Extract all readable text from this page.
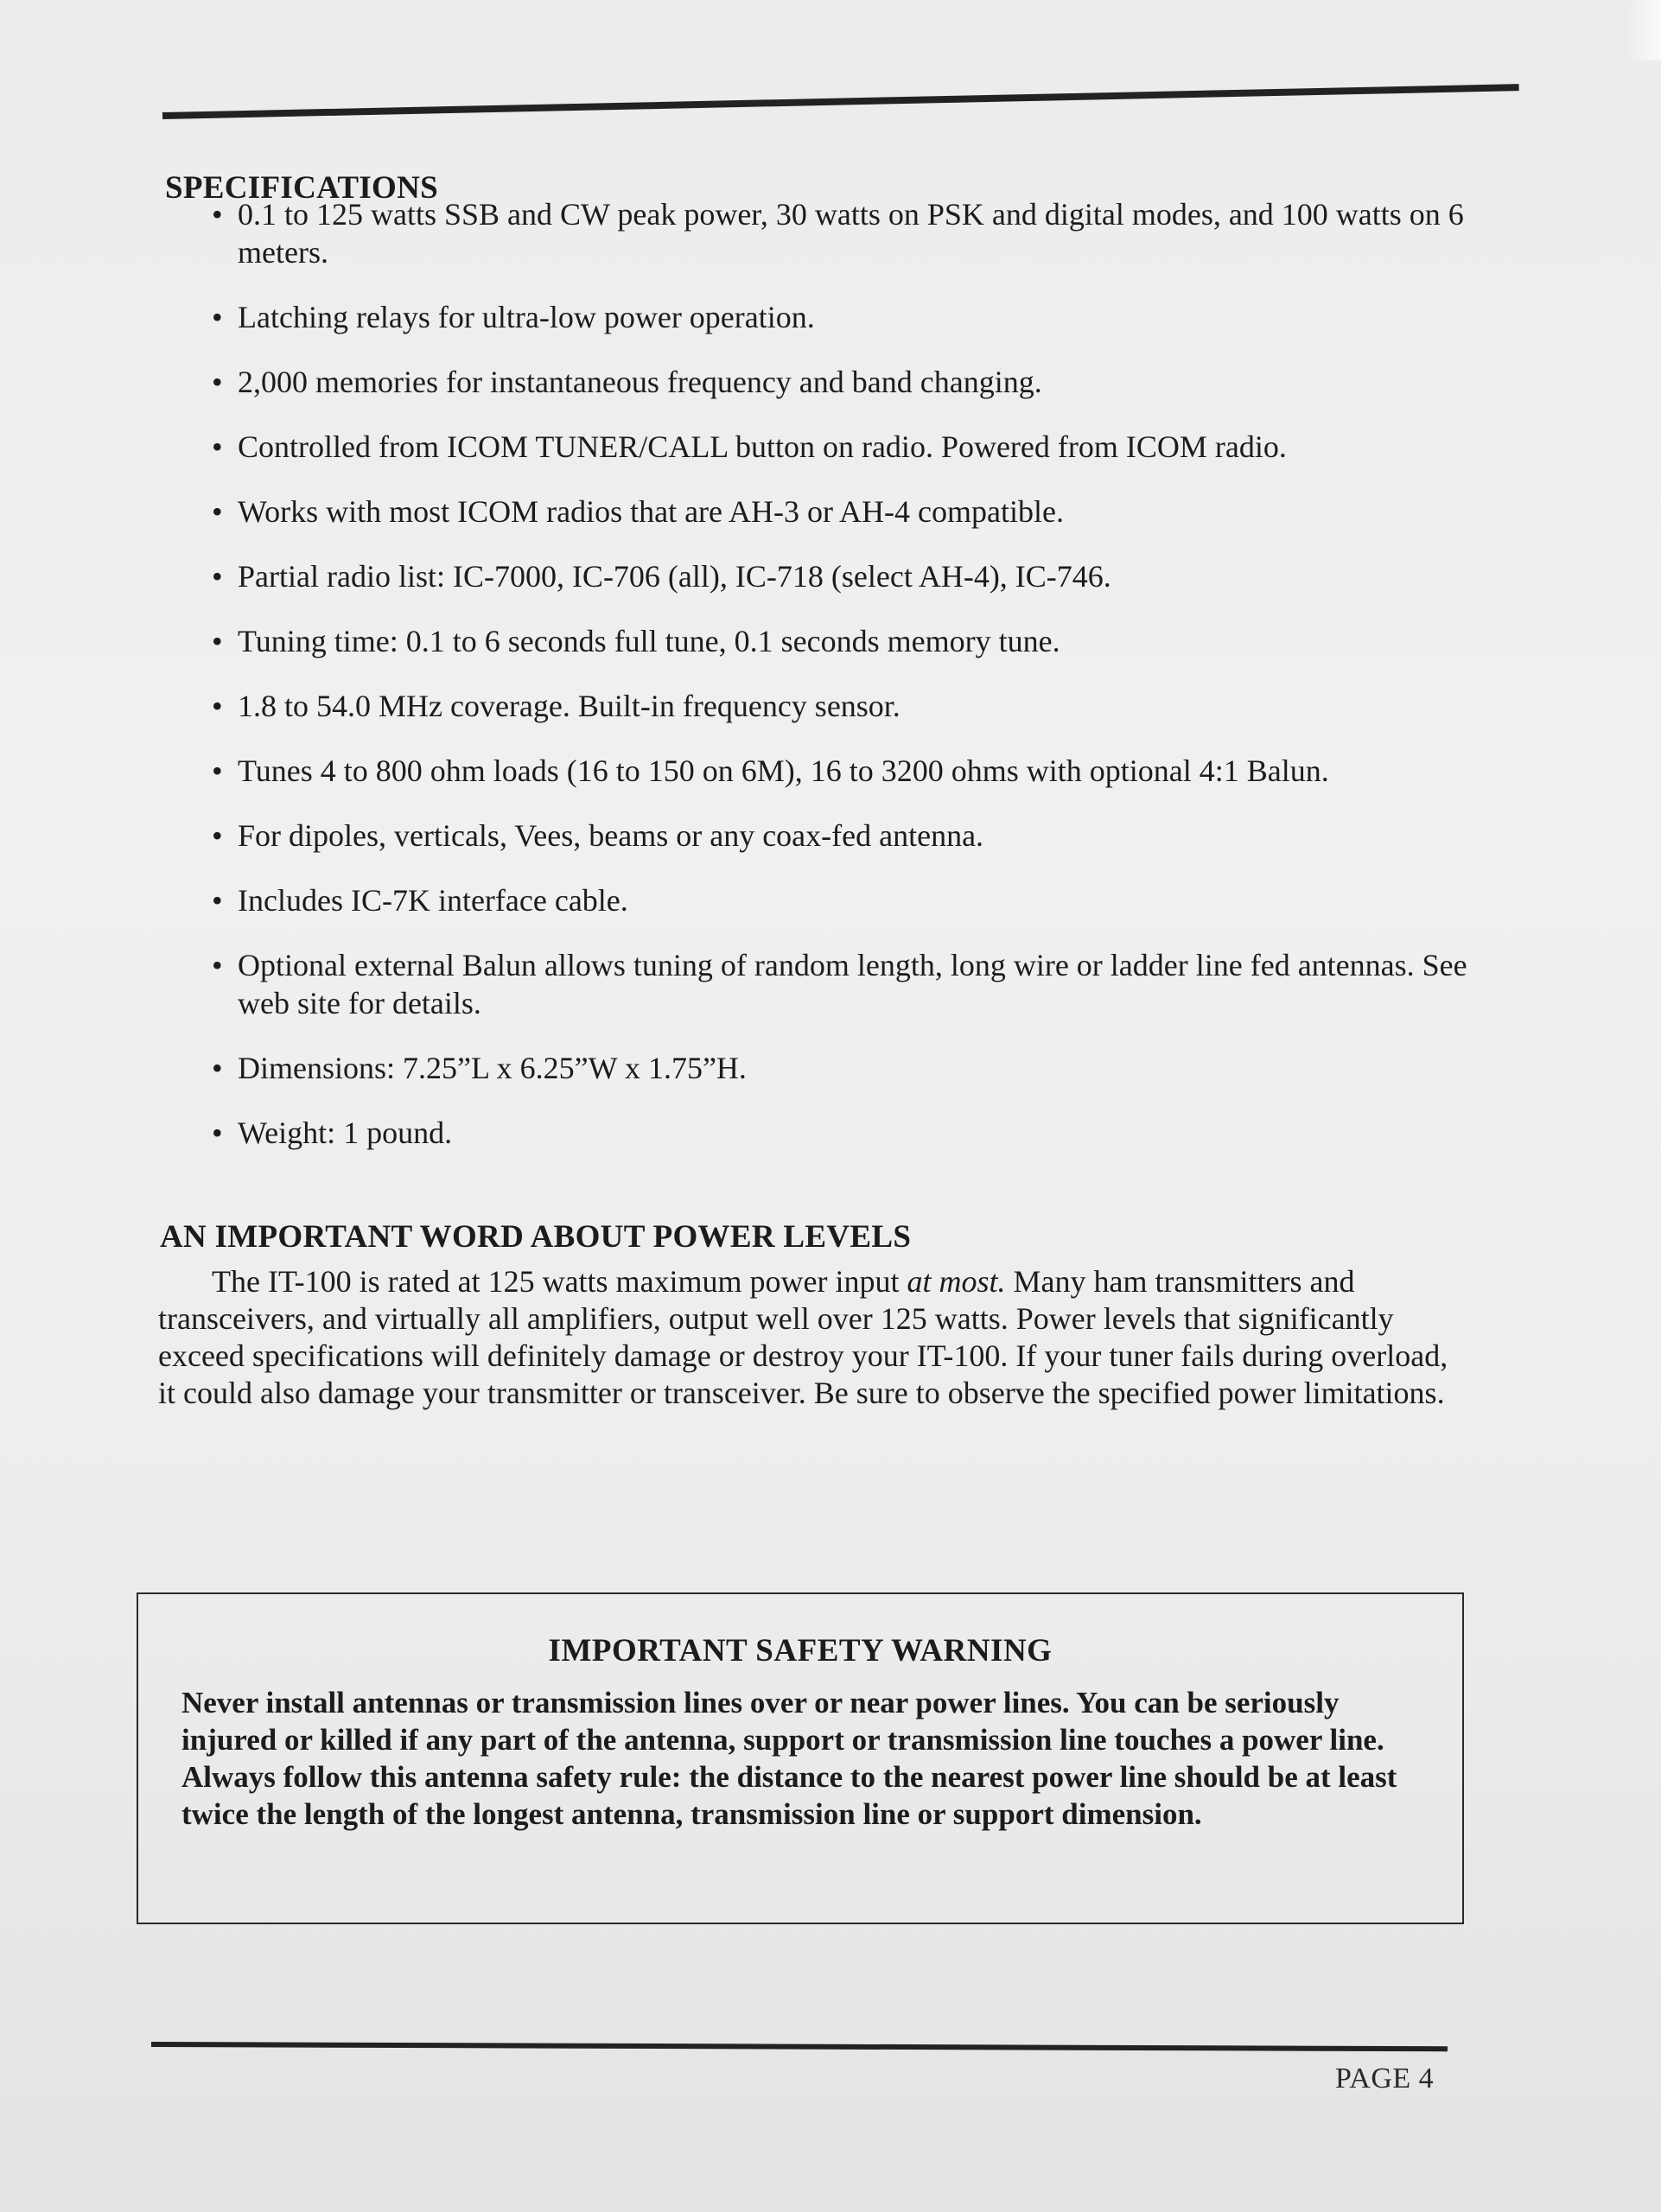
SPECIFICATIONS
• 0.1 to 125 watts SSB and CW peak power, 30 watts on PSK and digital modes, and 100 watts on 6 meters.
• Latching relays for ultra-low power operation.
• 2,000 memories for instantaneous frequency and band changing.
• Controlled from ICOM TUNER/CALL button on radio. Powered from ICOM radio.
• Works with most ICOM radios that are AH-3 or AH-4 compatible.
• Partial radio list: IC-7000, IC-706 (all), IC-718 (select AH-4), IC-746.
• Tuning time: 0.1 to 6 seconds full tune, 0.1 seconds memory tune.
• 1.8 to 54.0 MHz coverage. Built-in frequency sensor.
• Tunes 4 to 800 ohm loads (16 to 150 on 6M), 16 to 3200 ohms with optional 4:1 Balun.
• For dipoles, verticals, Vees, beams or any coax-fed antenna.
• Includes IC-7K interface cable.
• Optional external Balun allows tuning of random length, long wire or ladder line fed antennas. See web site for details.
• Dimensions: 7.25”L x 6.25”W x 1.75”H.
• Weight: 1 pound.
AN IMPORTANT WORD ABOUT POWER LEVELS

The IT-100 is rated at 125 watts maximum power input at most. Many ham transmitters and transceivers, and virtually all amplifiers, output well over 125 watts. Power levels that significantly exceed specifications will definitely damage or destroy your IT-100. If your tuner fails during overload, it could also damage your transmitter or transceiver. Be sure to observe the specified power limitations.

IMPORTANT SAFETY WARNING

Never install antennas or transmission lines over or near power lines. You can be seriously injured or killed if any part of the antenna, support or transmission line touches a power line. Always follow this antenna safety rule: the distance to the nearest power line should be at least twice the length of the longest antenna, transmission line or support dimension.

PAGE 4
